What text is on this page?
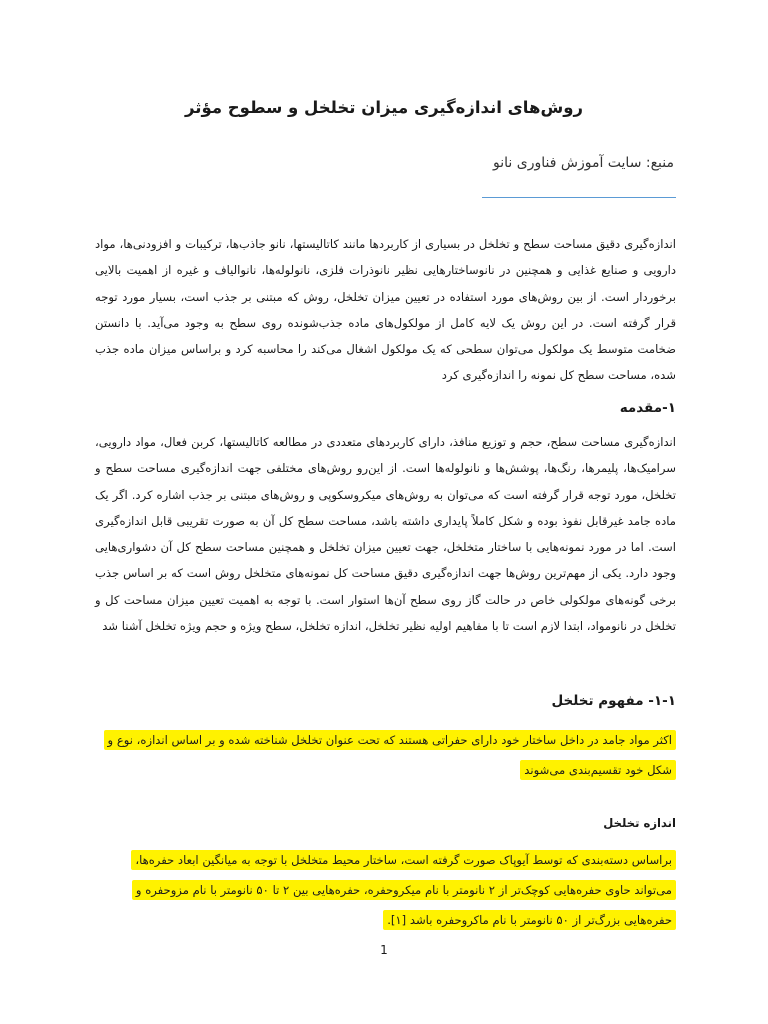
روش‌های اندازه‌گیری میزان تخلخل و سطوح مؤثر
منبع: سایت آموزش فناوری نانو
اندازه‌گیری دقیق مساحت سطح و تخلخل در بسیاری از کاربردها مانند کاتالیستها، نانو جاذب‌ها، ترکیبات و افزودنی‌ها، مواد دارویی و صنایع غذایی و همچنین در نانوساختارهایی نظیر نانوذرات فلزی، نانولوله‌ها، نانوالیاف و غیره از اهمیت بالایی برخوردار است. از بین روش‌های مورد استفاده در تعیین میزان تخلخل، روش که مبتنی بر جذب است، بسیار مورد توجه قرار گرفته است. در این روش یک لایه کامل از مولکول‌های ماده جذب‌شونده روی سطح به وجود می‌آید. با دانستن ضخامت متوسط یک مولکول می‌توان سطحی که یک مولکول اشغال می‌کند را محاسبه کرد و براساس میزان ماده جذب شده، مساحت سطح کل نمونه را اندازه‌گیری کرد
۱-مقدمه
اندازه‌گیری مساحت سطح، حجم و توزیع منافذ، دارای کاربردهای متعددی در مطالعه کاتالیستها، کربن فعال، مواد دارویی، سرامیک‌ها، پلیمرها، رنگ‌ها، پوشش‌ها و نانولوله‌ها است. از این‌رو روش‌های مختلفی جهت اندازه‌گیری مساحت سطح و تخلخل، مورد توجه قرار گرفته است که می‌توان به روش‌های میکروسکوپی و روش‌های مبتنی بر جذب اشاره کرد. اگر یک ماده جامد غیرقابل نفوذ بوده و شکل کاملاً پایداری داشته باشد، مساحت سطح کل آن به صورت تقریبی قابل اندازه‌گیری است. اما در مورد نمونه‌هایی با ساختار متخلخل، جهت تعیین میزان تخلخل و همچنین مساحت سطح کل آن دشواری‌هایی وجود دارد. یکی از مهم‌ترین روش‌ها جهت اندازه‌گیری دقیق مساحت کل نمونه‌های متخلخل روش است که بر اساس جذب برخی گونه‌های مولکولی خاص در حالت گاز روی سطح آن‌ها استوار است. با توجه به اهمیت تعیین میزان مساحت کل و تخلخل در نانومواد، ابتدا لازم است تا با مفاهیم اولیه نظیر تخلخل، اندازه تخلخل، سطح ویژه و حجم ویژه تخلخل آشنا شد
۱-۱- مفهوم تخلخل
اکثر مواد جامد در داخل ساختار خود دارای حفراتی هستند که تحت عنوان تخلخل شناخته شده و بر اساس اندازه، نوع و شکل خود تقسیم‌بندی می‌شوند
اندازه تخلخل
براساس دسته‌بندی که توسط آیوپاک صورت گرفته است، ساختار محیط متخلخل با توجه به میانگین ابعاد حفره‌ها، می‌تواند حاوی حفره‌هایی کوچک‌تر از ۲ نانومتر با نام میکروحفره، حفره‌هایی بین ۲ تا ۵۰ نانومتر با نام مزوحفره و حفره‌هایی بزرگ‌تر از ۵۰ نانومتر با نام ماکروحفره باشد [۱].
1
